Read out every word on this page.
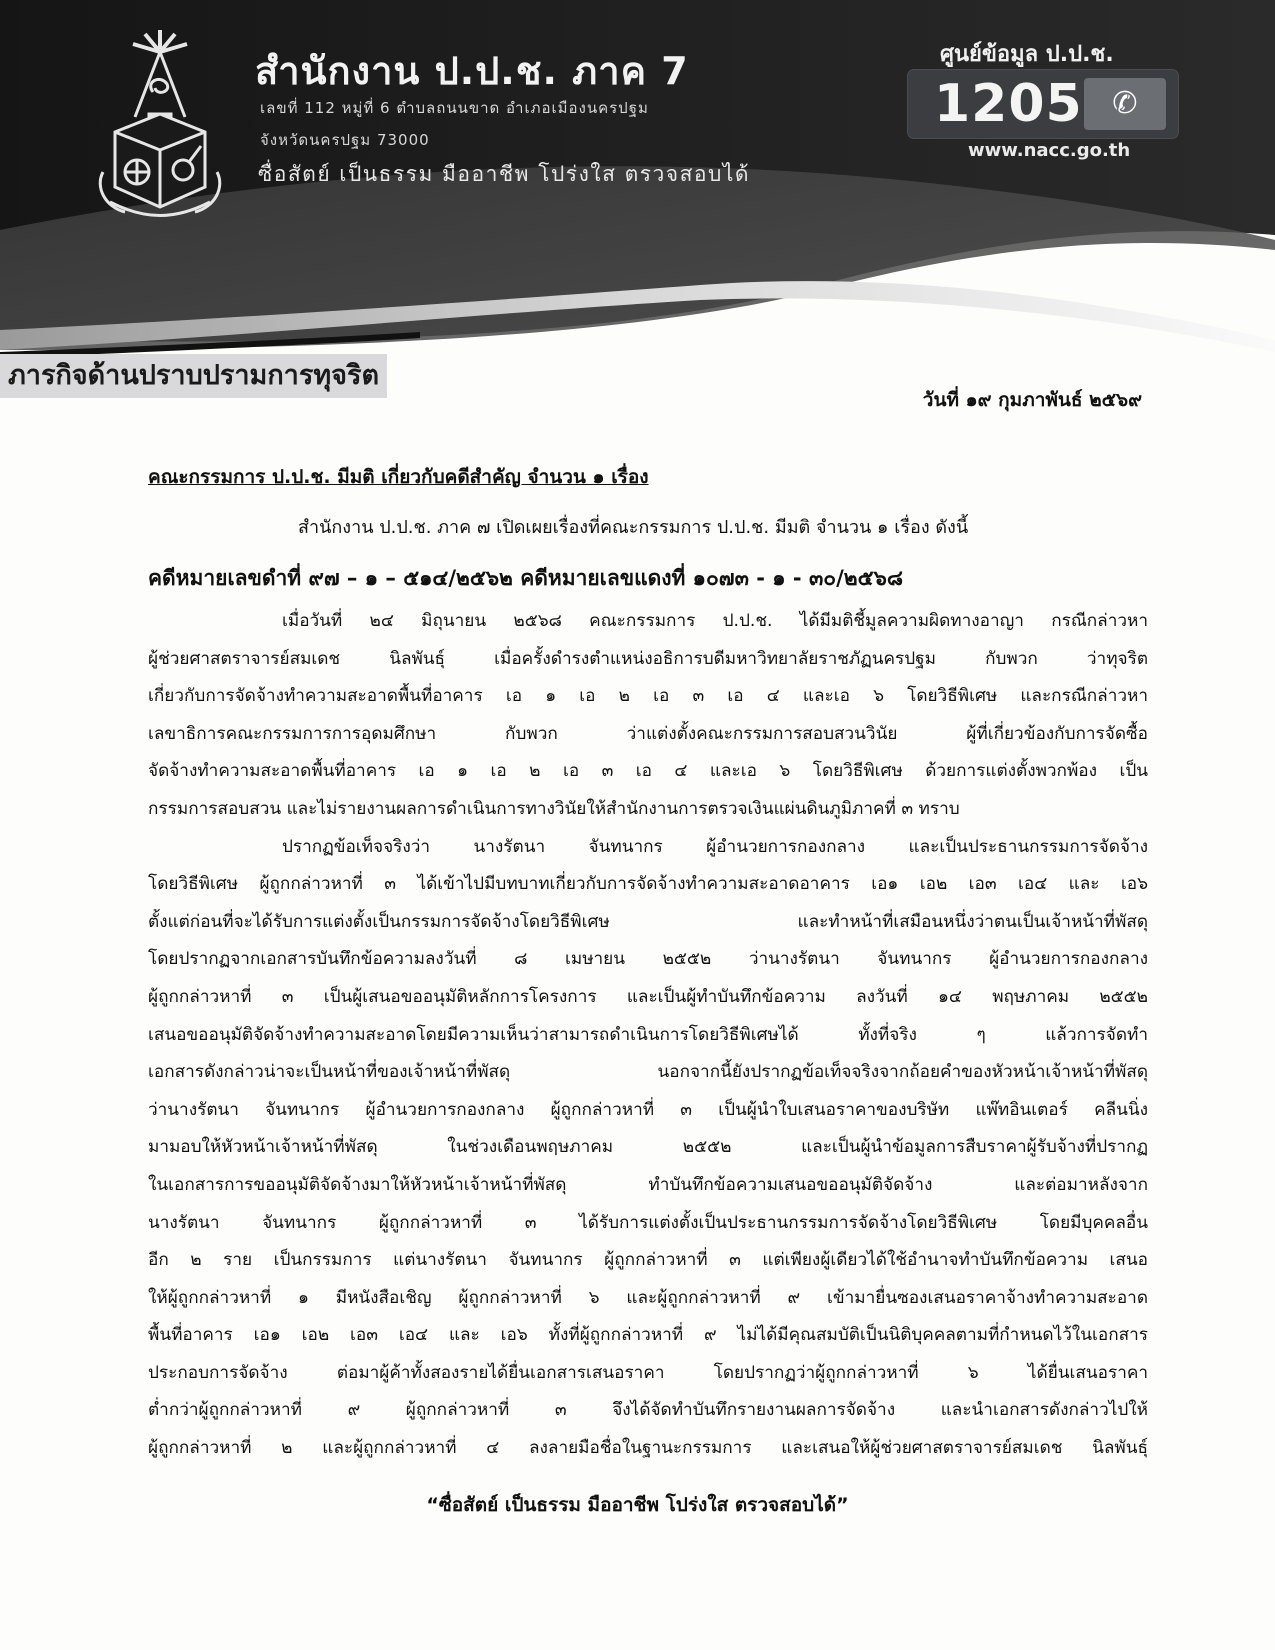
สำนักงาน ป.ป.ช. ภาค 7
เลขที่ 112 หมู่ที่ 6 ตำบลถนนขาด อำเภอเมืองนครปฐม
จังหวัดนครปฐม 73000
ซื่อสัตย์ เป็นธรรม มืออาชีพ โปร่งใส ตรวจสอบได้
ศูนย์ข้อมูล ป.ป.ช.
1205 ✆
www.nacc.go.th
ภารกิจด้านปราบปรามการทุจริต
วันที่ ๑๙ กุมภาพันธ์ ๒๕๖๙
คณะกรรมการ ป.ป.ช. มีมติ เกี่ยวกับคดีสำคัญ จำนวน ๑ เรื่อง
สำนักงาน ป.ป.ช. ภาค ๗ เปิดเผยเรื่องที่คณะกรรมการ ป.ป.ช. มีมติ จำนวน ๑ เรื่อง ดังนี้
คดีหมายเลขดำที่ ๙๗ – ๑ – ๕๑๔/๒๕๖๒ คดีหมายเลขแดงที่ ๑๐๗๓ - ๑ - ๓๐/๒๕๖๘
เมื่อวันที่ ๒๔ มิถุนายน ๒๕๖๘ คณะกรรมการ ป.ป.ช. ได้มีมติชี้มูลความผิดทางอาญา กรณีกล่าวหา
ผู้ช่วยศาสตราจารย์สมเดช นิลพันธุ์ เมื่อครั้งดำรงตำแหน่งอธิการบดีมหาวิทยาลัยราชภัฏนครปฐม กับพวก ว่าทุจริต
เกี่ยวกับการจัดจ้างทำความสะอาดพื้นที่อาคาร เอ ๑ เอ ๒ เอ ๓ เอ ๔ และเอ ๖ โดยวิธีพิเศษ และกรณีกล่าวหา
เลขาธิการคณะกรรมการการอุดมศึกษา กับพวก ว่าแต่งตั้งคณะกรรมการสอบสวนวินัย ผู้ที่เกี่ยวข้องกับการจัดซื้อ
จัดจ้างทำความสะอาดพื้นที่อาคาร เอ ๑ เอ ๒ เอ ๓ เอ ๔ และเอ ๖ โดยวิธีพิเศษ ด้วยการแต่งตั้งพวกพ้อง เป็น
กรรมการสอบสวน และไม่รายงานผลการดำเนินการทางวินัยให้สำนักงานการตรวจเงินแผ่นดินภูมิภาคที่ ๓ ทราบ
ปรากฏข้อเท็จจริงว่า นางรัตนา จันทนากร ผู้อำนวยการกองกลาง และเป็นประธานกรรมการจัดจ้าง
โดยวิธีพิเศษ ผู้ถูกกล่าวหาที่ ๓ ได้เข้าไปมีบทบาทเกี่ยวกับการจัดจ้างทำความสะอาดอาคาร เอ๑ เอ๒ เอ๓ เอ๔ และ เอ๖
ตั้งแต่ก่อนที่จะได้รับการแต่งตั้งเป็นกรรมการจัดจ้างโดยวิธีพิเศษ และทำหน้าที่เสมือนหนึ่งว่าตนเป็นเจ้าหน้าที่พัสดุ
โดยปรากฏจากเอกสารบันทึกข้อความลงวันที่ ๘ เมษายน ๒๕๕๒ ว่านางรัตนา จันทนากร ผู้อำนวยการกองกลาง
ผู้ถูกกล่าวหาที่ ๓ เป็นผู้เสนอขออนุมัติหลักการโครงการ และเป็นผู้ทำบันทึกข้อความ ลงวันที่ ๑๔ พฤษภาคม ๒๕๕๒
เสนอขออนุมัติจัดจ้างทำความสะอาดโดยมีความเห็นว่าสามารถดำเนินการโดยวิธีพิเศษได้ ทั้งที่จริง ๆ แล้วการจัดทำ
เอกสารดังกล่าวน่าจะเป็นหน้าที่ของเจ้าหน้าที่พัสดุ นอกจากนี้ยังปรากฏข้อเท็จจริงจากถ้อยคำของหัวหน้าเจ้าหน้าที่พัสดุ
ว่านางรัตนา จันทนากร ผู้อำนวยการกองกลาง ผู้ถูกกล่าวหาที่ ๓ เป็นผู้นำใบเสนอราคาของบริษัท แพ๊ทอินเตอร์ คลีนนิ่ง
มามอบให้หัวหน้าเจ้าหน้าที่พัสดุ ในช่วงเดือนพฤษภาคม ๒๕๕๒ และเป็นผู้นำข้อมูลการสืบราคาผู้รับจ้างที่ปรากฏ
ในเอกสารการขออนุมัติจัดจ้างมาให้หัวหน้าเจ้าหน้าที่พัสดุ ทำบันทึกข้อความเสนอขออนุมัติจัดจ้าง และต่อมาหลังจาก
นางรัตนา จันทนากร ผู้ถูกกล่าวหาที่ ๓ ได้รับการแต่งตั้งเป็นประธานกรรมการจัดจ้างโดยวิธีพิเศษ โดยมีบุคคลอื่น
อีก ๒ ราย เป็นกรรมการ แต่นางรัตนา จันทนากร ผู้ถูกกล่าวหาที่ ๓ แต่เพียงผู้เดียวได้ใช้อำนาจทำบันทึกข้อความ เสนอ
ให้ผู้ถูกกล่าวหาที่ ๑ มีหนังสือเชิญ ผู้ถูกกล่าวหาที่ ๖ และผู้ถูกกล่าวหาที่ ๙ เข้ามายื่นซองเสนอราคาจ้างทำความสะอาด
พื้นที่อาคาร เอ๑ เอ๒ เอ๓ เอ๔ และ เอ๖ ทั้งที่ผู้ถูกกล่าวหาที่ ๙ ไม่ได้มีคุณสมบัติเป็นนิติบุคคลตามที่กำหนดไว้ในเอกสาร
ประกอบการจัดจ้าง ต่อมาผู้ค้าทั้งสองรายได้ยื่นเอกสารเสนอราคา โดยปรากฏว่าผู้ถูกกล่าวหาที่ ๖ ได้ยื่นเสนอราคา
ต่ำกว่าผู้ถูกกล่าวหาที่ ๙ ผู้ถูกกล่าวหาที่ ๓ จึงได้จัดทำบันทึกรายงานผลการจัดจ้าง และนำเอกสารดังกล่าวไปให้
ผู้ถูกกล่าวหาที่ ๒ และผู้ถูกกล่าวหาที่ ๔ ลงลายมือชื่อในฐานะกรรมการ และเสนอให้ผู้ช่วยศาสตราจารย์สมเดช นิลพันธุ์
“ซื่อสัตย์ เป็นธรรม มืออาชีพ โปร่งใส ตรวจสอบได้”
